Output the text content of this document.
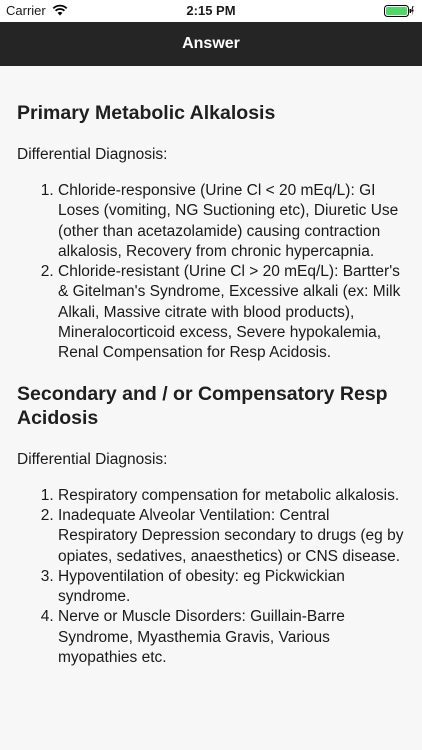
Carrier	2:15 PM
Answer
Primary Metabolic Alkalosis
Differential Diagnosis:
1. Chloride-responsive (Urine Cl < 20 mEq/L): GI Loses (vomiting, NG Suctioning etc), Diuretic Use (other than acetazolamide) causing contraction alkalosis, Recovery from chronic hypercapnia.
2. Chloride-resistant (Urine Cl > 20 mEq/L): Bartter's & Gitelman's Syndrome, Excessive alkali (ex: Milk Alkali, Massive citrate with blood products), Mineralocorticoid excess, Severe hypokalemia, Renal Compensation for Resp Acidosis.
Secondary and / or Compensatory Resp Acidosis
Differential Diagnosis:
1. Respiratory compensation for metabolic alkalosis.
2. Inadequate Alveolar Ventilation: Central Respiratory Depression secondary to drugs (eg by opiates, sedatives, anaesthetics) or CNS disease.
3. Hypoventilation of obesity: eg Pickwickian syndrome.
4. Nerve or Muscle Disorders: Guillain-Barre Syndrome, Myasthemia Gravis, Various myopathies etc.
